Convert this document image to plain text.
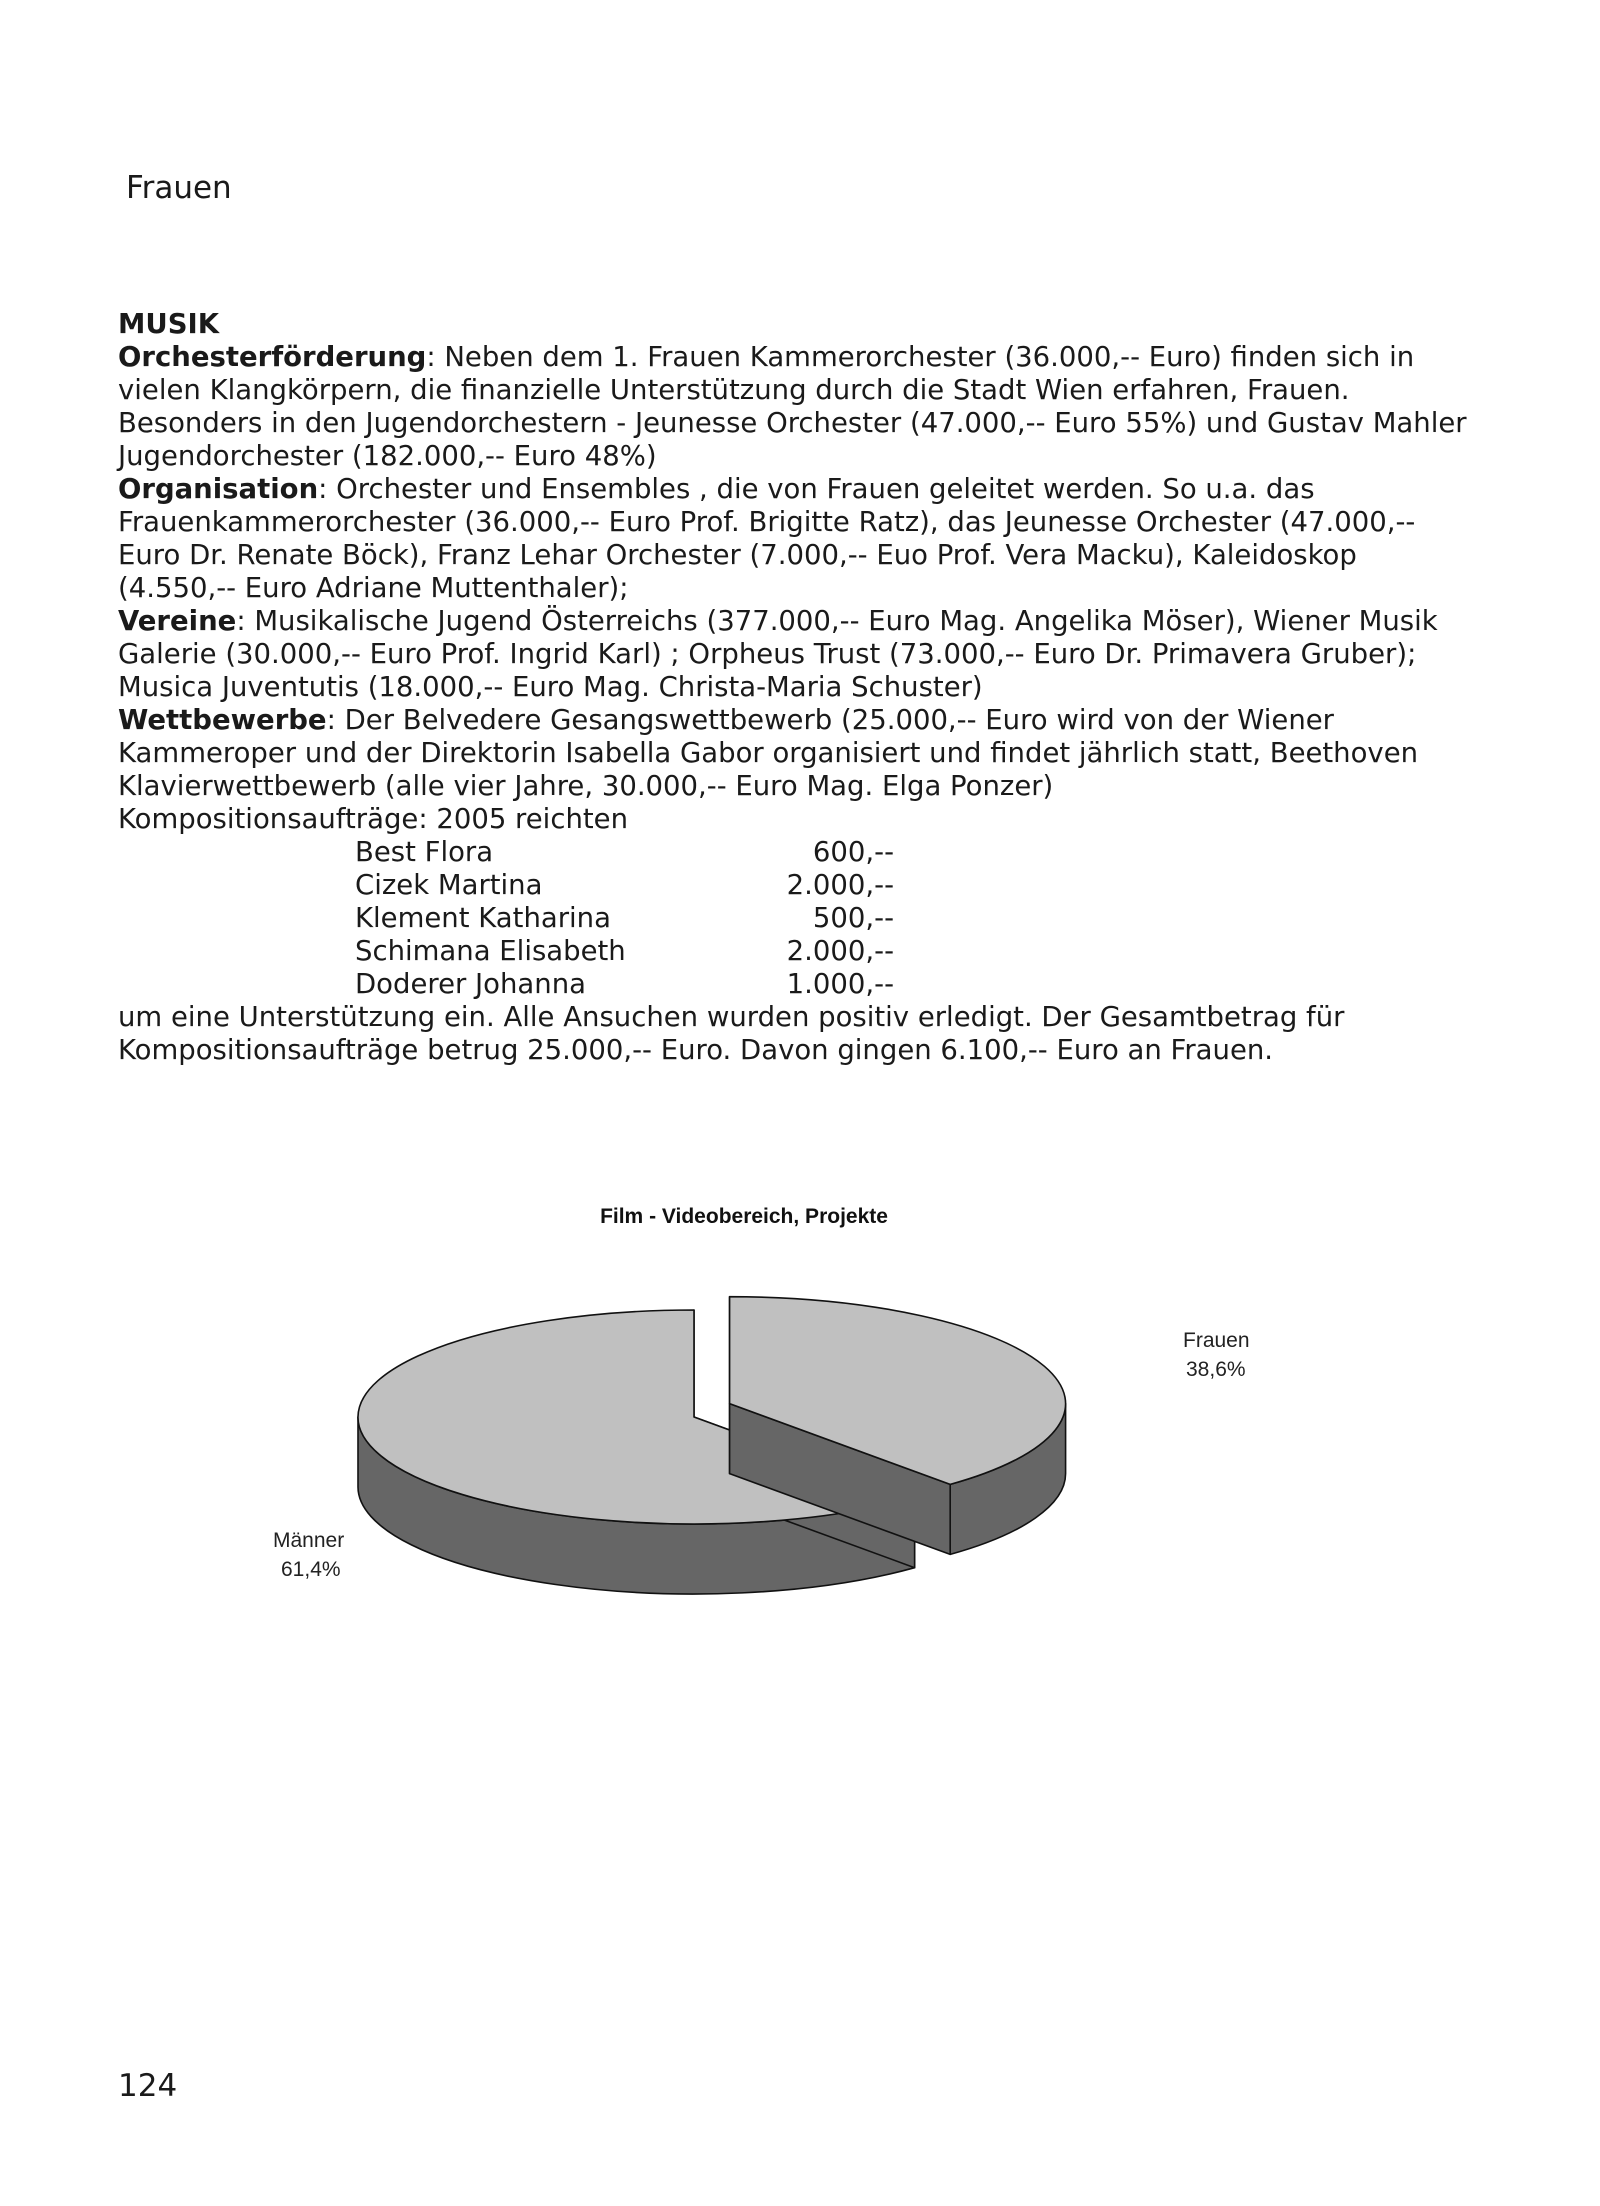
Frauen

MUSIK

Orchesterförderung: Neben dem 1. Frauen Kammerorchester (36.000,-- Euro) finden sich in
vielen Klangkörpern, die finanzielle Unterstützung durch die Stadt Wien erfahren, Frauen.
Besonders in den Jugendorchestern - Jeunesse Orchester (47.000,-- Euro 55%) und Gustav Mahler
Jugendorchester (182.000,-- Euro 48%)

Organisation: Orchester und Ensembles , die von Frauen geleitet werden. So u.a. das
Frauenkammerorchester (36.000,-- Euro Prof. Brigitte Ratz), das Jeunesse Orchester (47.000,--
Euro Dr. Renate Böck), Franz Lehar Orchester (7.000,-- Euo Prof. Vera Macku), Kaleidoskop
(4.550,-- Euro Adriane Muttenthaler);

Vereine: Musikalische Jugend Österreichs (377.000,-- Euro Mag. Angelika Möser), Wiener Musik
Galerie (30.000,-- Euro Prof. Ingrid Karl) ; Orpheus Trust (73.000,-- Euro Dr. Primavera Gruber);
Musica Juventutis (18.000,-- Euro Mag. Christa-Maria Schuster)

Wettbewerbe: Der Belvedere Gesangswettbewerb (25.000,-- Euro wird von der Wiener
Kammeroper und der Direktorin Isabella Gabor organisiert und findet jährlich statt, Beethoven
Klavierwettbewerb (alle vier Jahre, 30.000,-- Euro Mag. Elga Ponzer)

Kompositionsaufträge: 2005 reichten

Best Flora	600,--
Cizek Martina	2.000,--
Klement Katharina	500,--
Schimana Elisabeth	2.000,--
Doderer Johanna	1.000,--

um eine Unterstützung ein. Alle Ansuchen wurden positiv erledigt. Der Gesamtbetrag für
Kompositionsaufträge betrug 25.000,-- Euro. Davon gingen 6.100,-- Euro an Frauen.

Film - Videobereich, Projekte
Frauen
38,6%
Männer
61,4%
124
